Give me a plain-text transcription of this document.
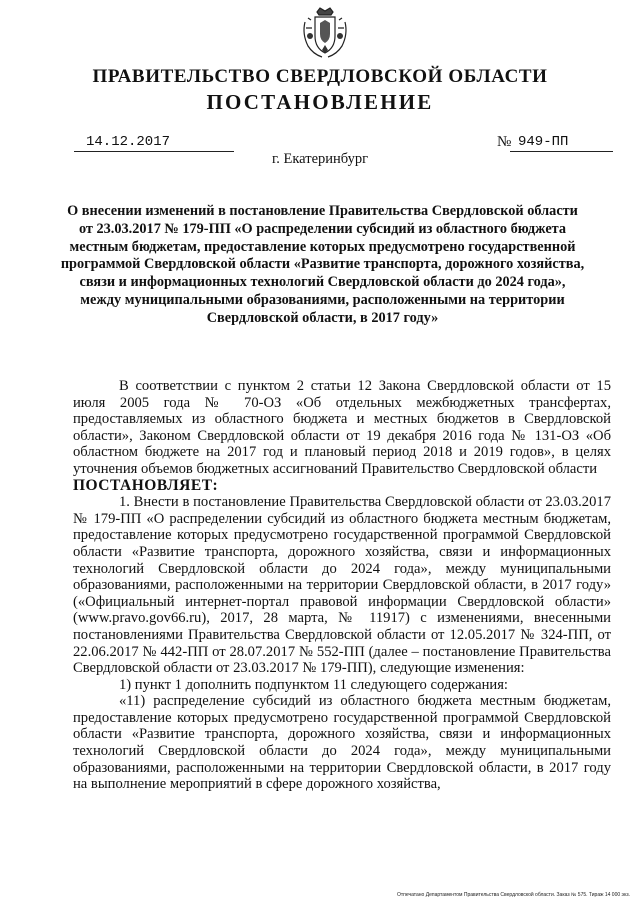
ПРАВИТЕЛЬСТВО СВЕРДЛОВСКОЙ ОБЛАСТИ
ПОСТАНОВЛЕНИЕ
14.12.2017	№ 949-ПП
г. Екатеринбург
О внесении изменений в постановление Правительства Свердловской области от 23.03.2017 № 179-ПП «О распределении субсидий из областного бюджета местным бюджетам, предоставление которых предусмотрено государственной программой Свердловской области «Развитие транспорта, дорожного хозяйства, связи и информационных технологий Свердловской области до 2024 года», между муниципальными образованиями, расположенными на территории Свердловской области, в 2017 году»

В соответствии с пунктом 2 статьи 12 Закона Свердловской области от 15 июля 2005 года № 70-ОЗ «Об отдельных межбюджетных трансфертах, предоставляемых из областного бюджета и местных бюджетов в Свердловской области», Законом Свердловской области от 19 декабря 2016 года № 131-ОЗ «Об областном бюджете на 2017 год и плановый период 2018 и 2019 годов», в целях уточнения объемов бюджетных ассигнований Правительство Свердловской области

ПОСТАНОВЛЯЕТ:

1. Внести в постановление Правительства Свердловской области от 23.03.2017 № 179-ПП «О распределении субсидий из областного бюджета местным бюджетам, предоставление которых предусмотрено государственной программой Свердловской области «Развитие транспорта, дорожного хозяйства, связи и информационных технологий Свердловской области до 2024 года», между муниципальными образованиями, расположенными на территории Свердловской области, в 2017 году» («Официальный интернет-портал правовой информации Свердловской области» (www.pravo.gov66.ru), 2017, 28 марта, № 11917) с изменениями, внесенными постановлениями Правительства Свердловской области от 12.05.2017 № 324-ПП, от 22.06.2017 № 442-ПП от 28.07.2017 № 552-ПП (далее – постановление Правительства Свердловской области от 23.03.2017 № 179-ПП), следующие изменения:

1) пункт 1 дополнить подпунктом 11 следующего содержания:

«11) распределение субсидий из областного бюджета местным бюджетам, предоставление которых предусмотрено государственной программой Свердловской области «Развитие транспорта, дорожного хозяйства, связи и информационных технологий Свердловской области до 2024 года», между муниципальными образованиями, расположенными на территории Свердловской области, в 2017 году на выполнение мероприятий в сфере дорожного хозяйства,

Отпечатано Департаментом Правительства Свердловской области. Заказ № 575. Тираж 14 000 экз.
